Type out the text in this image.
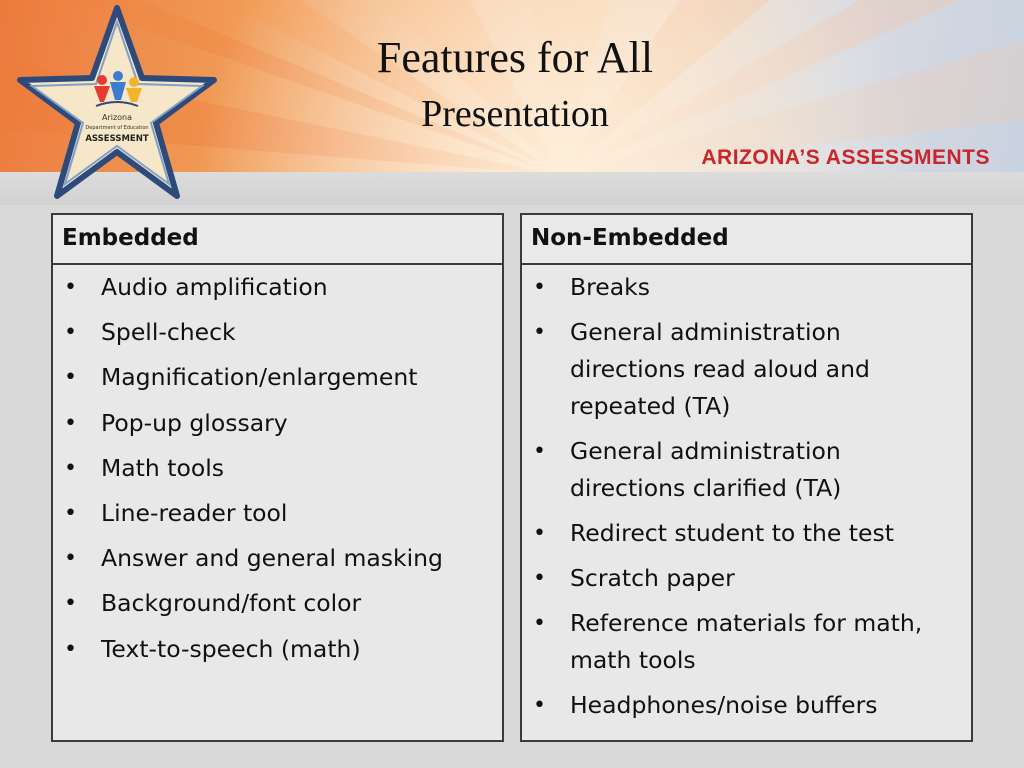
Arizona
Department of Education
ASSESSMENT
Features for All
Presentation
ARIZONA’S ASSESSMENTS
Embedded
• Audio amplification
• Spell-check
• Magnification/enlargement
• Pop-up glossary
• Math tools
• Line-reader tool
• Answer and general masking
• Background/font color
• Text-to-speech (math)
Non-Embedded
• Breaks
• General administration directions read aloud and repeated (TA)
• General administration directions clarified (TA)
• Redirect student to the test
• Scratch paper
• Reference materials for math, math tools
• Headphones/noise buffers
